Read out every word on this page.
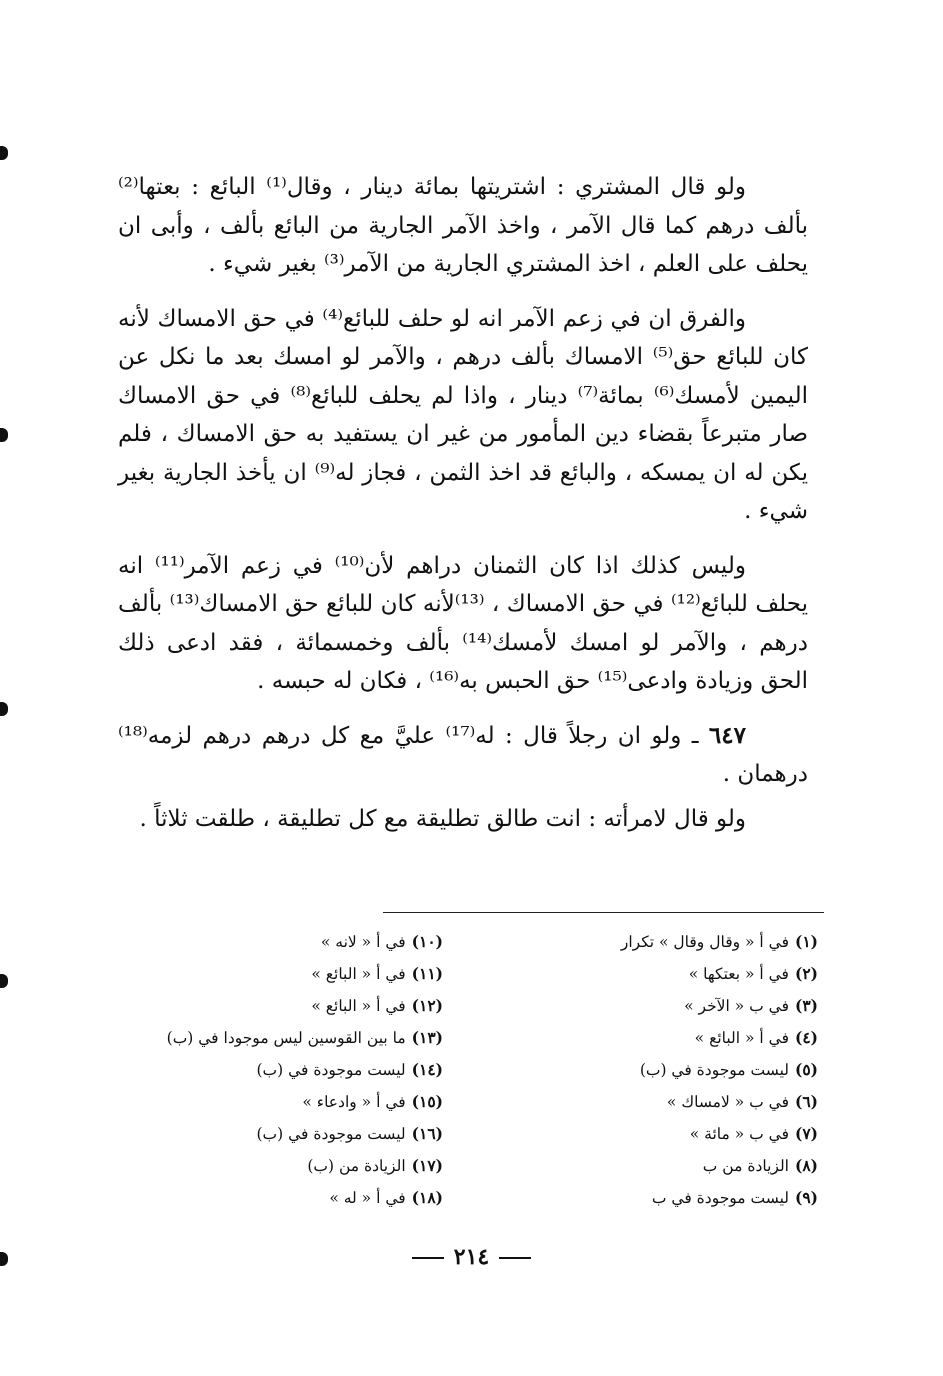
ولو قال المشتري : اشتريتها بمائة دينار ، وقال⁽¹⁾ البائع : بعتها⁽²⁾ بألف درهم كما قال الآمر ، واخذ الآمر الجارية من البائع بألف ، وأبى ان يحلف على العلم ، اخذ المشتري الجارية من الآمر⁽³⁾ بغير شيء .

والفرق ان في زعم الآمر انه لو حلف للبائع⁽⁴⁾ في حق الامساك لأنه كان للبائع حق⁽⁵⁾ الامساك بألف درهم ، والآمر لو امسك بعد ما نكل عن اليمين لأمسك⁽⁶⁾ بمائة⁽⁷⁾ دينار ، واذا لم يحلف للبائع⁽⁸⁾ في حق الامساك صار متبرعاً بقضاء دين المأمور من غير ان يستفيد به حق الامساك ، فلم يكن له ان يمسكه ، والبائع قد اخذ الثمن ، فجاز له⁽⁹⁾ ان يأخذ الجارية بغير شيء .

وليس كذلك اذا كان الثمنان دراهم لأن⁽¹⁰⁾ في زعم الآمر⁽¹¹⁾ انه يحلف للبائع⁽¹²⁾ في حق الامساك ، ⁽¹³⁾لأنه كان للبائع حق الامساك⁽¹³⁾ بألف درهم ، والآمر لو امسك لأمسك⁽¹⁴⁾ بألف وخمسمائة ، فقد ادعى ذلك الحق وزيادة وادعى⁽¹⁵⁾ حق الحبس به⁽¹⁶⁾ ، فكان له حبسه .

٦٤٧ ـ ولو ان رجلاً قال : له⁽¹⁷⁾ عليَّ مع كل درهم درهم لزمه⁽¹⁸⁾ درهمان .

ولو قال لامرأته : انت طالق تطليقة مع كل تطليقة ، طلقت ثلاثاً .

(١)في أ « وقال وقال » تكرار
(٢)في أ « بعتكها »
(٣)في ب « الآخر »
(٤)في أ « البائع »
(٥)ليست موجودة في (ب)
(٦)في ب « لامساك »
(٧)في ب « مائة »
(٨)الزيادة من ب
(٩)ليست موجودة في ب
(١٠)في أ « لانه »
(١١)في أ « البائع »
(١٢)في أ « البائع »
(١٣)ما بين القوسين ليس موجودا في (ب)
(١٤)ليست موجودة في (ب)
(١٥)في أ « وادعاء »
(١٦)ليست موجودة في (ب)
(١٧)الزيادة من (ب)
(١٨)في أ « له »
٢١٤
